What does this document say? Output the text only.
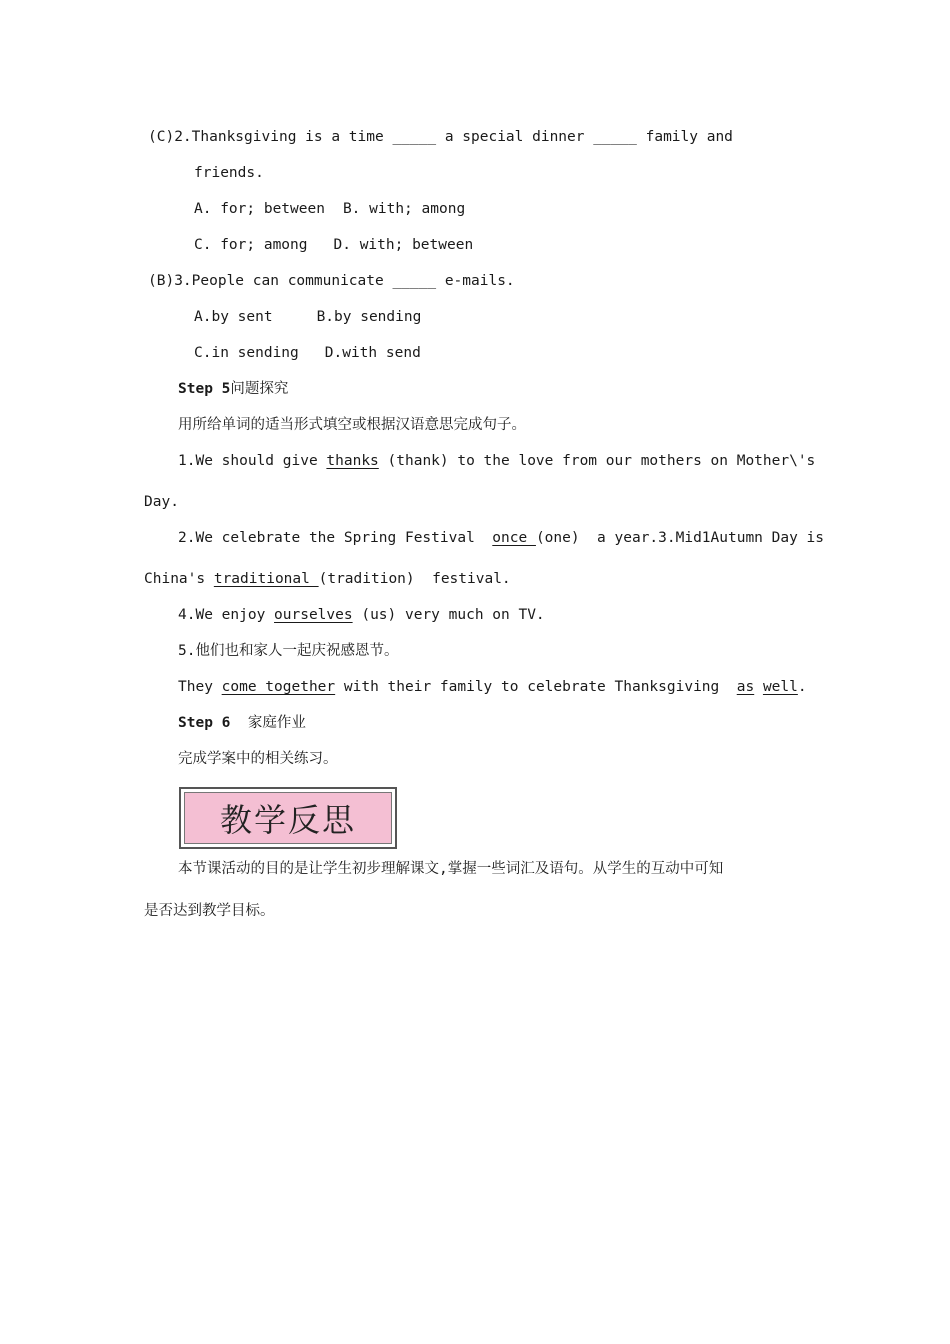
(C)2.Thanksgiving is a time _____ a special dinner _____ family and
friends.
A. for; between B. with; among
C. for; among D. with; between
(B)3.People can communicate _____ e-mails.
A.by sent	B.by sending
C.in sending D.with send
Step 5问题探究
用所给单词的适当形式填空或根据汉语意思完成句子。
1.We should give thanks (thank) to the love from our mothers on Mother\'s
Day.
2.We celebrate the Spring Festival  once (one)  a year.3.Mid1Autumn Day is
China's traditional (tradition)  festival.
4.We enjoy ourselves (us) very much on TV.
5.他们也和家人一起庆祝感恩节。
They come together with their family to celebrate Thanksgiving  as well.
Step 6 家庭作业
完成学案中的相关练习。
教学反思
本节课活动的目的是让学生初步理解课文,掌握一些词汇及语句。从学生的互动中可知
是否达到教学目标。
